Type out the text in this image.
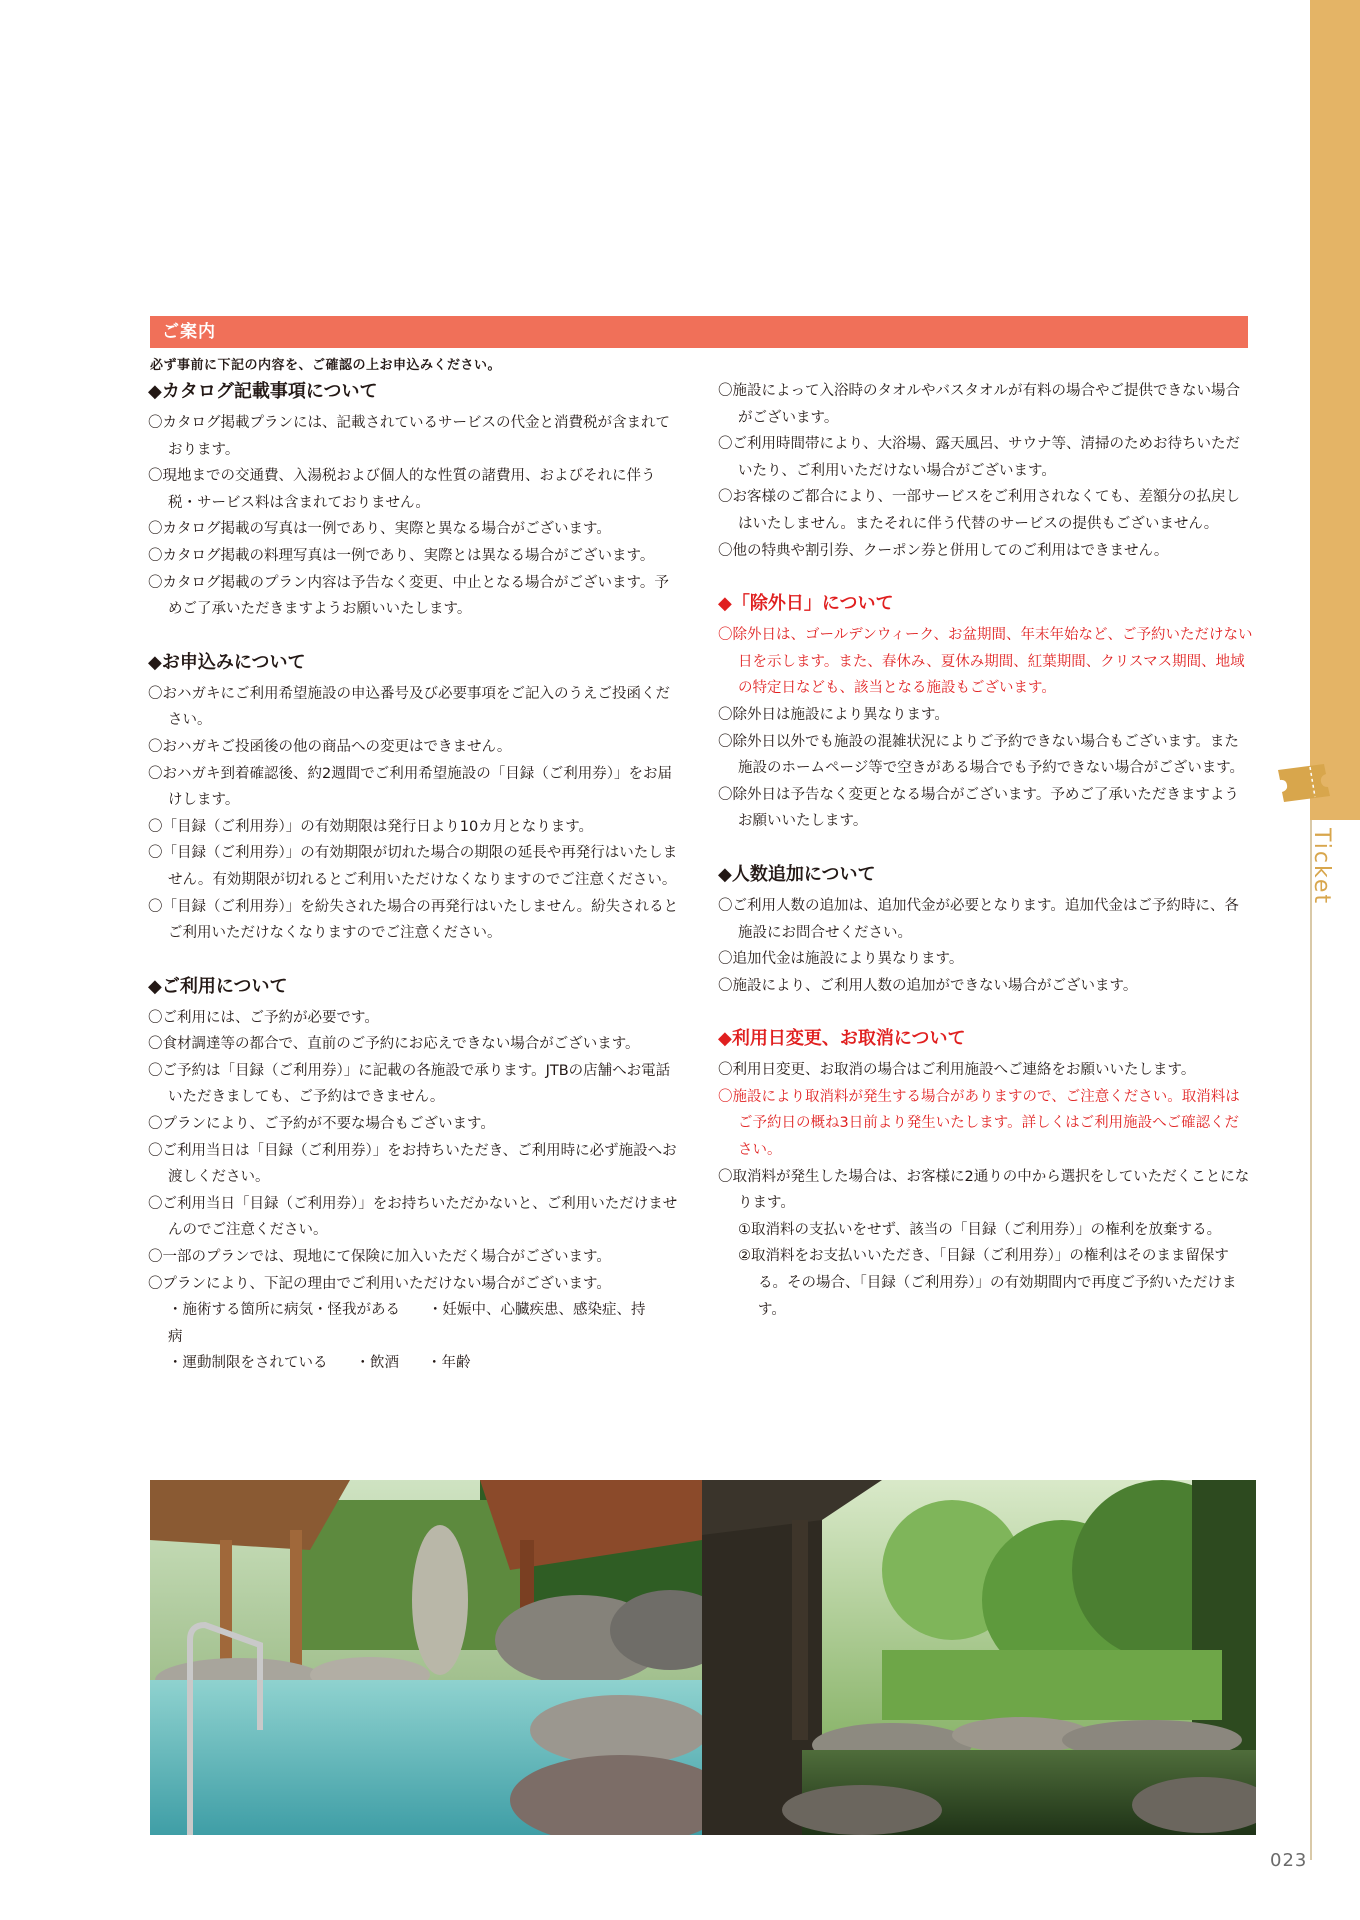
Ticket
ご案内
必ず事前に下記の内容を、ご確認の上お申込みください。
◆カタログ記載事項について

〇カタログ掲載プランには、記載されているサービスの代金と消費税が含まれております。

〇現地までの交通費、入湯税および個人的な性質の諸費用、およびそれに伴う税・サービス料は含まれておりません。

〇カタログ掲載の写真は一例であり、実際と異なる場合がございます。

〇カタログ掲載の料理写真は一例であり、実際とは異なる場合がございます。

〇カタログ掲載のプラン内容は予告なく変更、中止となる場合がございます。予めご了承いただきますようお願いいたします。

◆お申込みについて

〇おハガキにご利用希望施設の申込番号及び必要事項をご記入のうえご投函ください。

〇おハガキご投函後の他の商品への変更はできません。

〇おハガキ到着確認後、約2週間でご利用希望施設の「目録（ご利用券）」をお届けします。

〇「目録（ご利用券）」の有効期限は発行日より10カ月となります。

〇「目録（ご利用券）」の有効期限が切れた場合の期限の延長や再発行はいたしません。有効期限が切れるとご利用いただけなくなりますのでご注意ください。

〇「目録（ご利用券）」を紛失された場合の再発行はいたしません。紛失されるとご利用いただけなくなりますのでご注意ください。

◆ご利用について

〇ご利用には、ご予約が必要です。

〇食材調達等の都合で、直前のご予約にお応えできない場合がございます。

〇ご予約は「目録（ご利用券）」に記載の各施設で承ります。JTBの店舗へお電話いただきましても、ご予約はできません。

〇プランにより、ご予約が不要な場合もございます。

〇ご利用当日は「目録（ご利用券）」をお持ちいただき、ご利用時に必ず施設へお渡しください。

〇ご利用当日「目録（ご利用券）」をお持ちいただかないと、ご利用いただけませんのでご注意ください。

〇一部のプランでは、現地にて保険に加入いただく場合がございます。

〇プランにより、下記の理由でご利用いただけない場合がございます。

・施術する箇所に病気・怪我がある ・妊娠中、心臓疾患、感染症、持病
・運動制限をされている ・飲酒 ・年齢

〇施設によって入浴時のタオルやバスタオルが有料の場合やご提供できない場合がございます。

〇ご利用時間帯により、大浴場、露天風呂、サウナ等、清掃のためお待ちいただいたり、ご利用いただけない場合がございます。

〇お客様のご都合により、一部サービスをご利用されなくても、差額分の払戻しはいたしません。またそれに伴う代替のサービスの提供もございません。

〇他の特典や割引券、クーポン券と併用してのご利用はできません。

◆「除外日」について

〇除外日は、ゴールデンウィーク、お盆期間、年末年始など、ご予約いただけない日を示します。また、春休み、夏休み期間、紅葉期間、クリスマス期間、地域の特定日なども、該当となる施設もございます。

〇除外日は施設により異なります。

〇除外日以外でも施設の混雑状況によりご予約できない場合もございます。また施設のホームページ等で空きがある場合でも予約できない場合がございます。

〇除外日は予告なく変更となる場合がございます。予めご了承いただきますようお願いいたします。

◆人数追加について

〇ご利用人数の追加は、追加代金が必要となります。追加代金はご予約時に、各施設にお問合せください。

〇追加代金は施設により異なります。

〇施設により、ご利用人数の追加ができない場合がございます。

◆利用日変更、お取消について

〇利用日変更、お取消の場合はご利用施設へご連絡をお願いいたします。

〇施設により取消料が発生する場合がありますので、ご注意ください。取消料はご予約日の概ね3日前より発生いたします。詳しくはご利用施設へご確認ください。

〇取消料が発生した場合は、お客様に2通りの中から選択をしていただくことになります。

①取消料の支払いをせず、該当の「目録（ご利用券）」の権利を放棄する。

②取消料をお支払いいただき、「目録（ご利用券）」の権利はそのまま留保する。その場合、「目録（ご利用券）」の有効期間内で再度ご予約いただけます。

023
